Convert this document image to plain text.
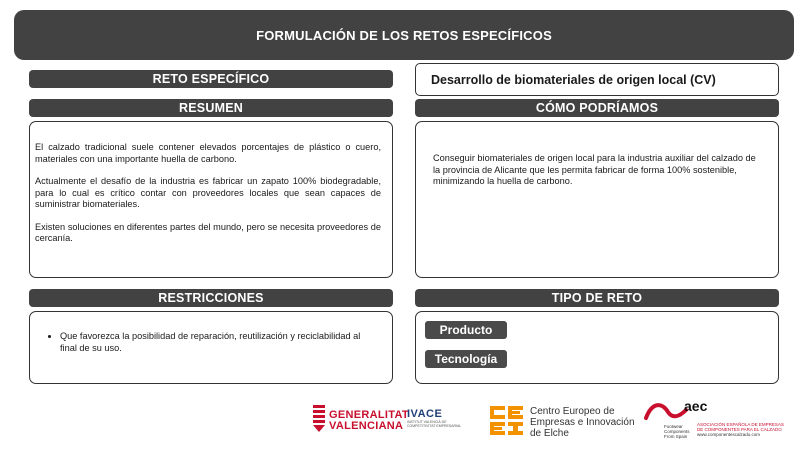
FORMULACIÓN DE LOS RETOS ESPECÍFICOS
RETO ESPECÍFICO	Desarrollo de biomateriales de origen local (CV)
RESUMEN

El calzado tradicional suele contener elevados porcentajes de plástico o cuero, materiales con una importante huella de carbono.

Actualmente el desafío de la industria es fabricar un zapato 100% biodegradable, para lo cual es crítico contar con proveedores locales que sean capaces de suministrar biomateriales.

Existen soluciones en diferentes partes del mundo, pero se necesita proveedores de cercanía.

CÓMO PODRÍAMOS

Conseguir biomateriales de origen local para la industria auxiliar del calzado de la provincia de Alicante que les permita fabricar de forma 100% sostenible, minimizando la huella de carbono.

RESTRICCIONES
• Que favorezca la posibilidad de reparación, reutilización y reciclabilidad al final de su uso.
TIPO DE RETO
Producto
Tecnología
GENERALITAT
VALENCIANA
IVACE
INSTITUT VALENCIÀ DE
COMPETITIVITAT EMPRESARIAL
Centro Europeo de
Empresas e Innovación
de Elche
aec
Footwear
Components
From Spain
ASOCIACIÓN ESPAÑOLA DE EMPRESAS
DE COMPONENTES PARA EL CALZADO
www.componentescalzado.com
